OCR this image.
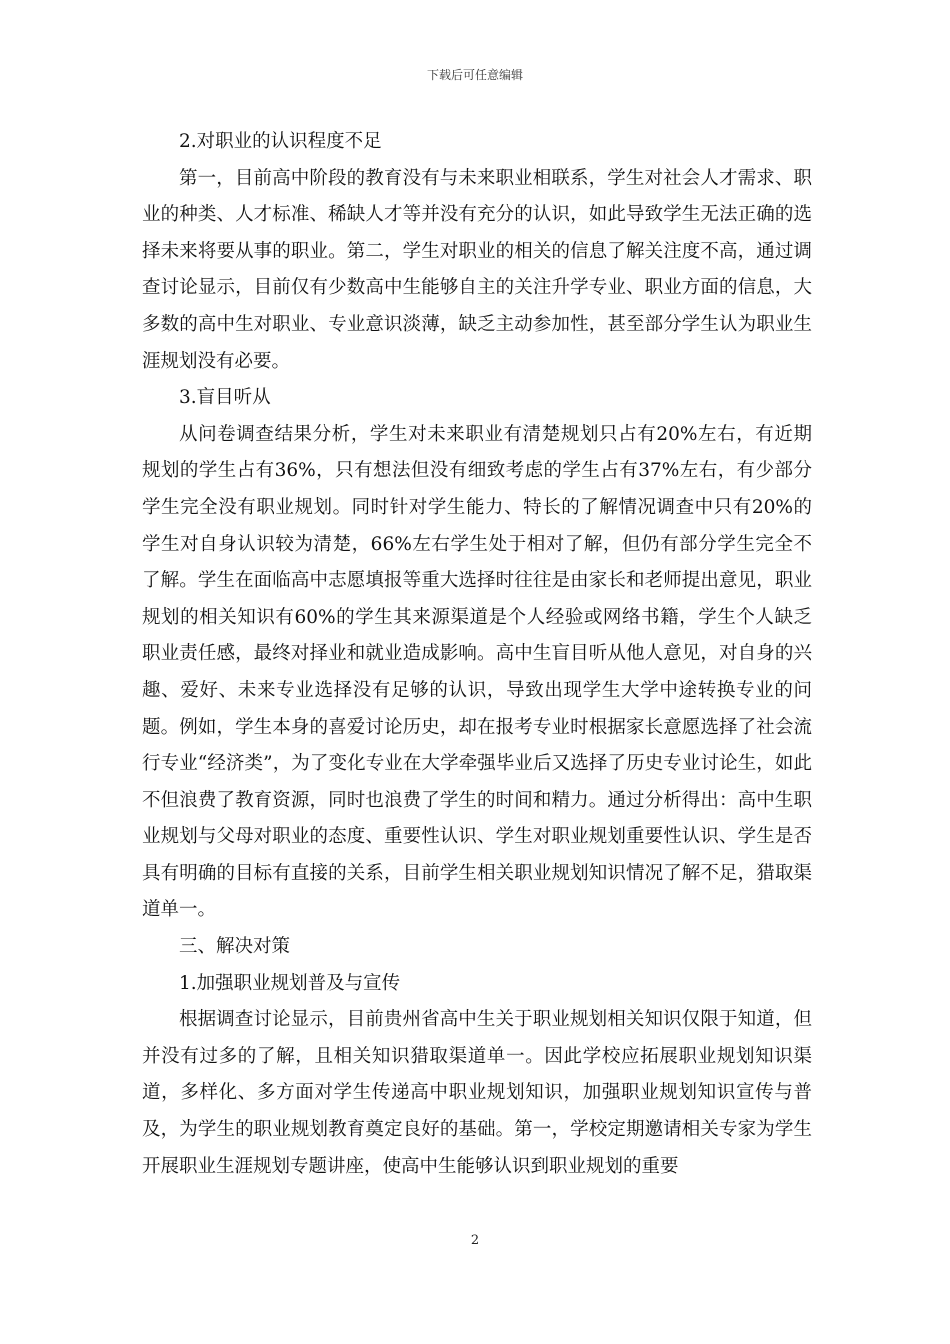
下载后可任意编辑

2.对职业的认识程度不足

第一，目前高中阶段的教育没有与未来职业相联系，学生对社会人才需求、职业的种类、人才标准、稀缺人才等并没有充分的认识，如此导致学生无法正确的选择未来将要从事的职业。第二，学生对职业的相关的信息了解关注度不高，通过调查讨论显示，目前仅有少数高中生能够自主的关注升学专业、职业方面的信息，大多数的高中生对职业、专业意识淡薄，缺乏主动参加性，甚至部分学生认为职业生涯规划没有必要。

3.盲目听从

从问卷调查结果分析，学生对未来职业有清楚规划只占有20%左右，有近期规划的学生占有36%，只有想法但没有细致考虑的学生占有37%左右，有少部分学生完全没有职业规划。同时针对学生能力、特长的了解情况调查中只有20%的学生对自身认识较为清楚，66%左右学生处于相对了解，但仍有部分学生完全不了解。学生在面临高中志愿填报等重大选择时往往是由家长和老师提出意见，职业规划的相关知识有60%的学生其来源渠道是个人经验或网络书籍，学生个人缺乏职业责任感，最终对择业和就业造成影响。高中生盲目听从他人意见，对自身的兴趣、爱好、未来专业选择没有足够的认识，导致出现学生大学中途转换专业的问题。例如，学生本身的喜爱讨论历史，却在报考专业时根据家长意愿选择了社会流行专业“经济类”，为了变化专业在大学牵强毕业后又选择了历史专业讨论生，如此不但浪费了教育资源，同时也浪费了学生的时间和精力。通过分析得出：高中生职业规划与父母对职业的态度、重要性认识、学生对职业规划重要性认识、学生是否具有明确的目标有直接的关系，目前学生相关职业规划知识情况了解不足，猎取渠道单一。

三、解决对策

1.加强职业规划普及与宣传

根据调查讨论显示，目前贵州省高中生关于职业规划相关知识仅限于知道，但并没有过多的了解，且相关知识猎取渠道单一。因此学校应拓展职业规划知识渠道，多样化、多方面对学生传递高中职业规划知识，加强职业规划知识宣传与普及，为学生的职业规划教育奠定良好的基础。第一，学校定期邀请相关专家为学生开展职业生涯规划专题讲座，使高中生能够认识到职业规划的重要

2
